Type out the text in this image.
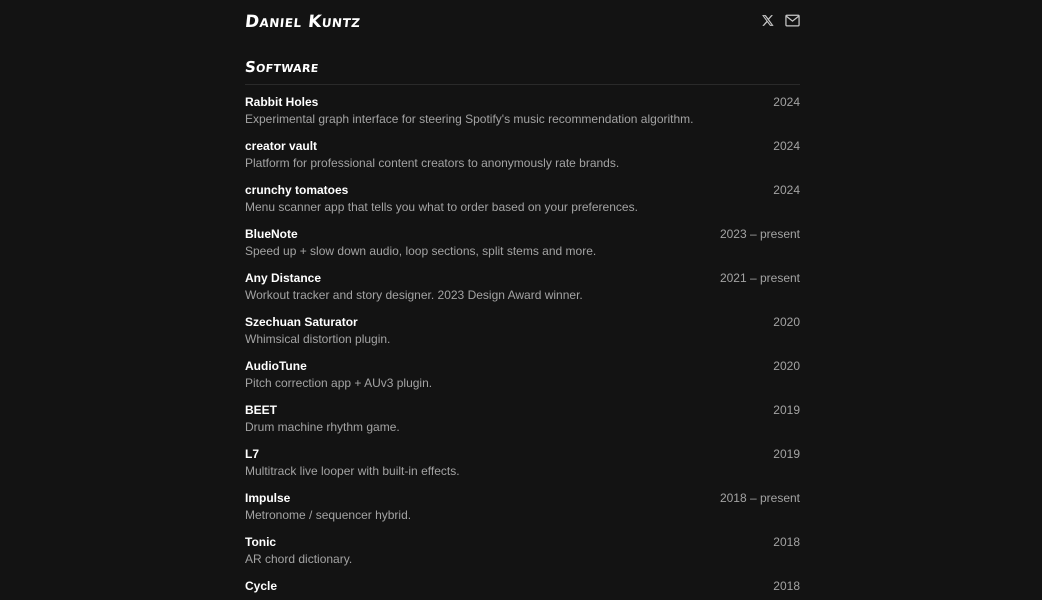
Daniel Kuntz
Software
Rabbit Holes	2024
Experimental graph interface for steering Spotify's music recommendation algorithm.
creator vault	2024
Platform for professional content creators to anonymously rate brands.
crunchy tomatoes	2024
Menu scanner app that tells you what to order based on your preferences.
BlueNote	2023 – present
Speed up + slow down audio, loop sections, split stems and more.
Any Distance	2021 – present
Workout tracker and story designer. 2023 Design Award winner.
Szechuan Saturator	2020
Whimsical distortion plugin.
AudioTune	2020
Pitch correction app + AUv3 plugin.
BEET	2019
Drum machine rhythm game.
L7	2019
Multitrack live looper with built-in effects.
Impulse	2018 – present
Metronome / sequencer hybrid.
Tonic	2018
AR chord dictionary.
Cycle	2018
